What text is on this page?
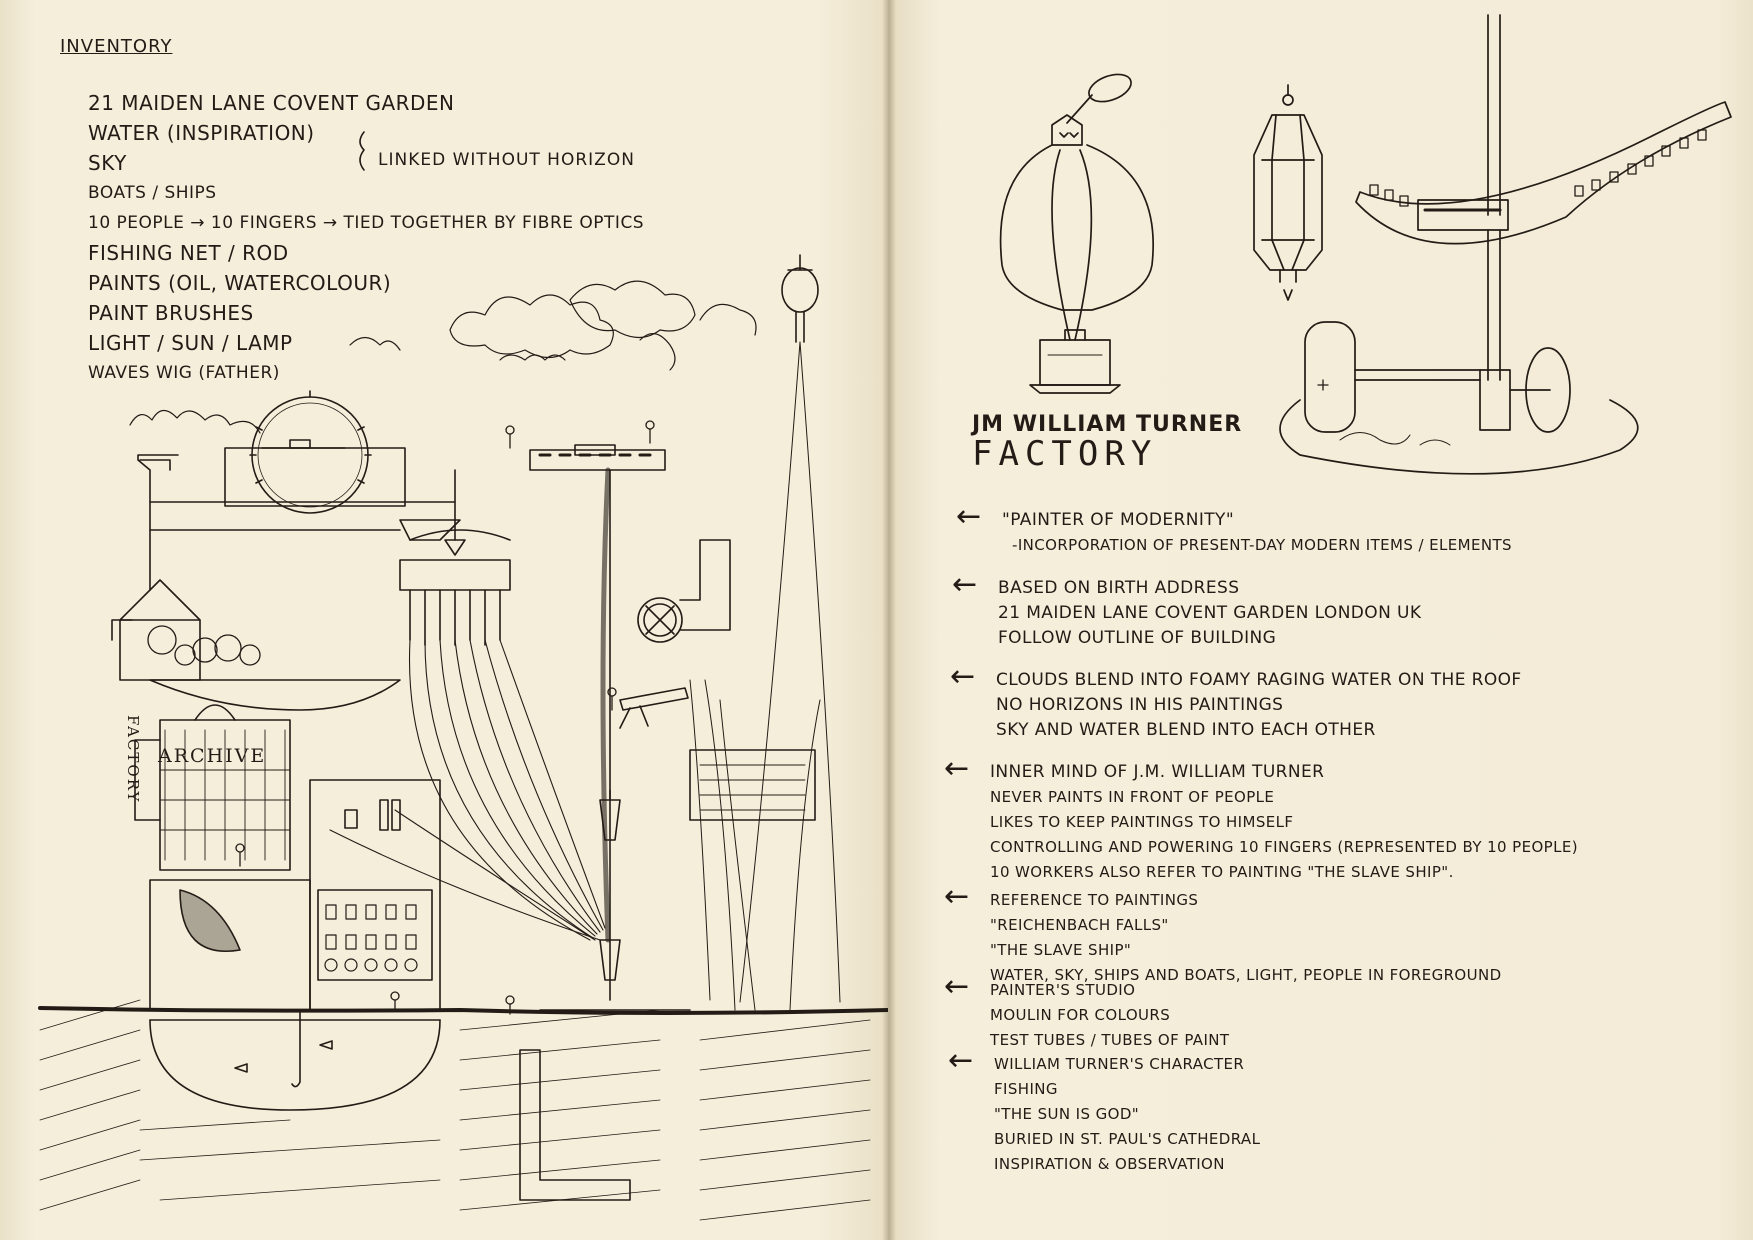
INVENTORY
21 MAIDEN LANE COVENT GARDEN
WATER (INSPIRATION)
SKY
BOATS / SHIPS
10 PEOPLE → 10 FINGERS → TIED TOGETHER BY FIBRE OPTICS
FISHING NET / ROD
PAINTS (OIL, WATERCOLOUR)
PAINT BRUSHES
LIGHT / SUN / LAMP
WAVES WIG (FATHER)
LINKED WITHOUT HORIZON
ARCHIVE
FACTORY
JM WILLIAM TURNER
FACTORY
← "PAINTER OF MODERNITY"
-INCORPORATION OF PRESENT-DAY MODERN ITEMS / ELEMENTS
← BASED ON BIRTH ADDRESS
21 MAIDEN LANE COVENT GARDEN LONDON UK
FOLLOW OUTLINE OF BUILDING
← CLOUDS BLEND INTO FOAMY RAGING WATER ON THE ROOF
NO HORIZONS IN HIS PAINTINGS
SKY AND WATER BLEND INTO EACH OTHER
← INNER MIND OF J.M. WILLIAM TURNER
NEVER PAINTS IN FRONT OF PEOPLE
LIKES TO KEEP PAINTINGS TO HIMSELF
CONTROLLING AND POWERING 10 FINGERS (REPRESENTED BY 10 PEOPLE)
10 WORKERS ALSO REFER TO PAINTING "THE SLAVE SHIP".
← REFERENCE TO PAINTINGS
"REICHENBACH FALLS"
"THE SLAVE SHIP"
WATER, SKY, SHIPS AND BOATS, LIGHT, PEOPLE IN FOREGROUND
← PAINTER'S STUDIO
MOULIN FOR COLOURS
TEST TUBES / TUBES OF PAINT
← WILLIAM TURNER'S CHARACTER
FISHING
"THE SUN IS GOD"
BURIED IN ST. PAUL'S CATHEDRAL
INSPIRATION & OBSERVATION
